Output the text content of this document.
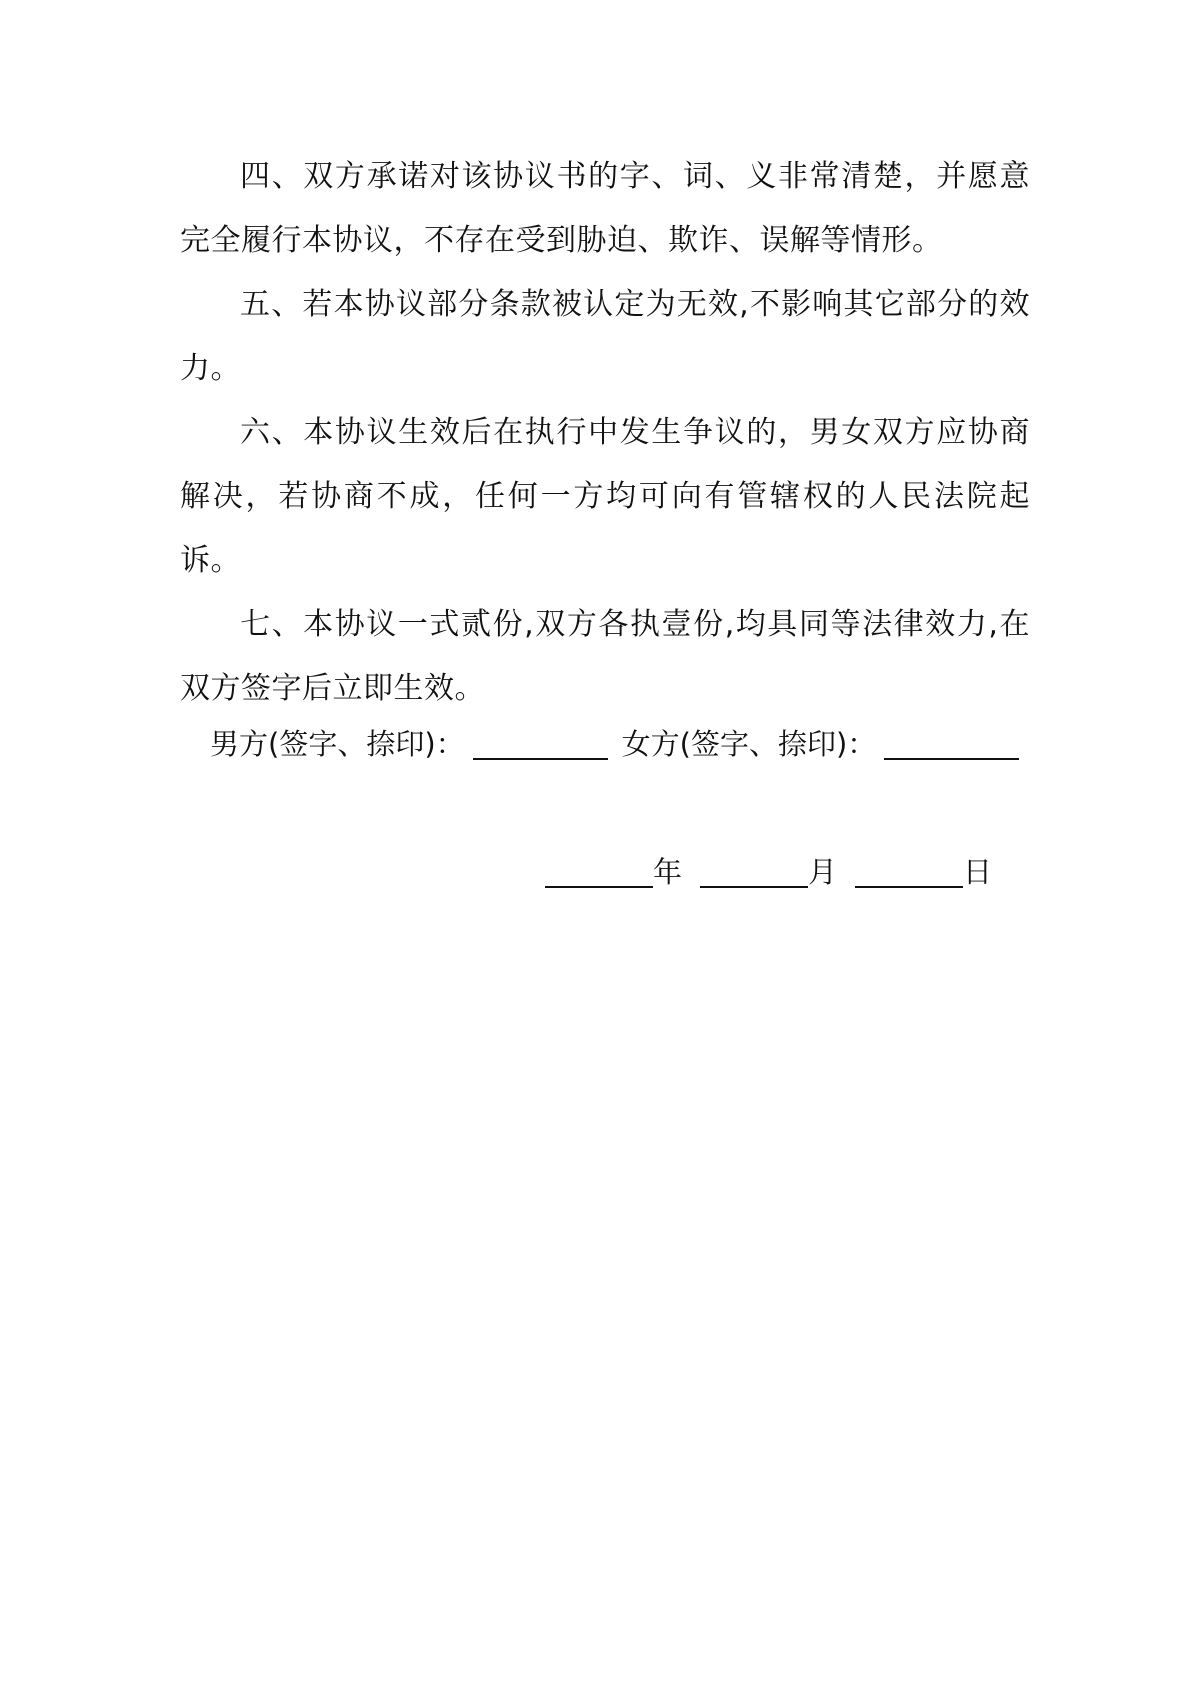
四、双方承诺对该协议书的字、词、义非常清楚，并愿意完全履行本协议，不存在受到胁迫、欺诈、误解等情形。

五、若本协议部分条款被认定为无效,不影响其它部分的效力。

六、本协议生效后在执行中发生争议的，男女双方应协商解决，若协商不成，任何一方均可向有管辖权的人民法院起诉。

七、本协议一式贰份,双方各执壹份,均具同等法律效力,在双方签字后立即生效。

男方(签字、捺印)：	女方(签字、捺印)：
年	月	日
